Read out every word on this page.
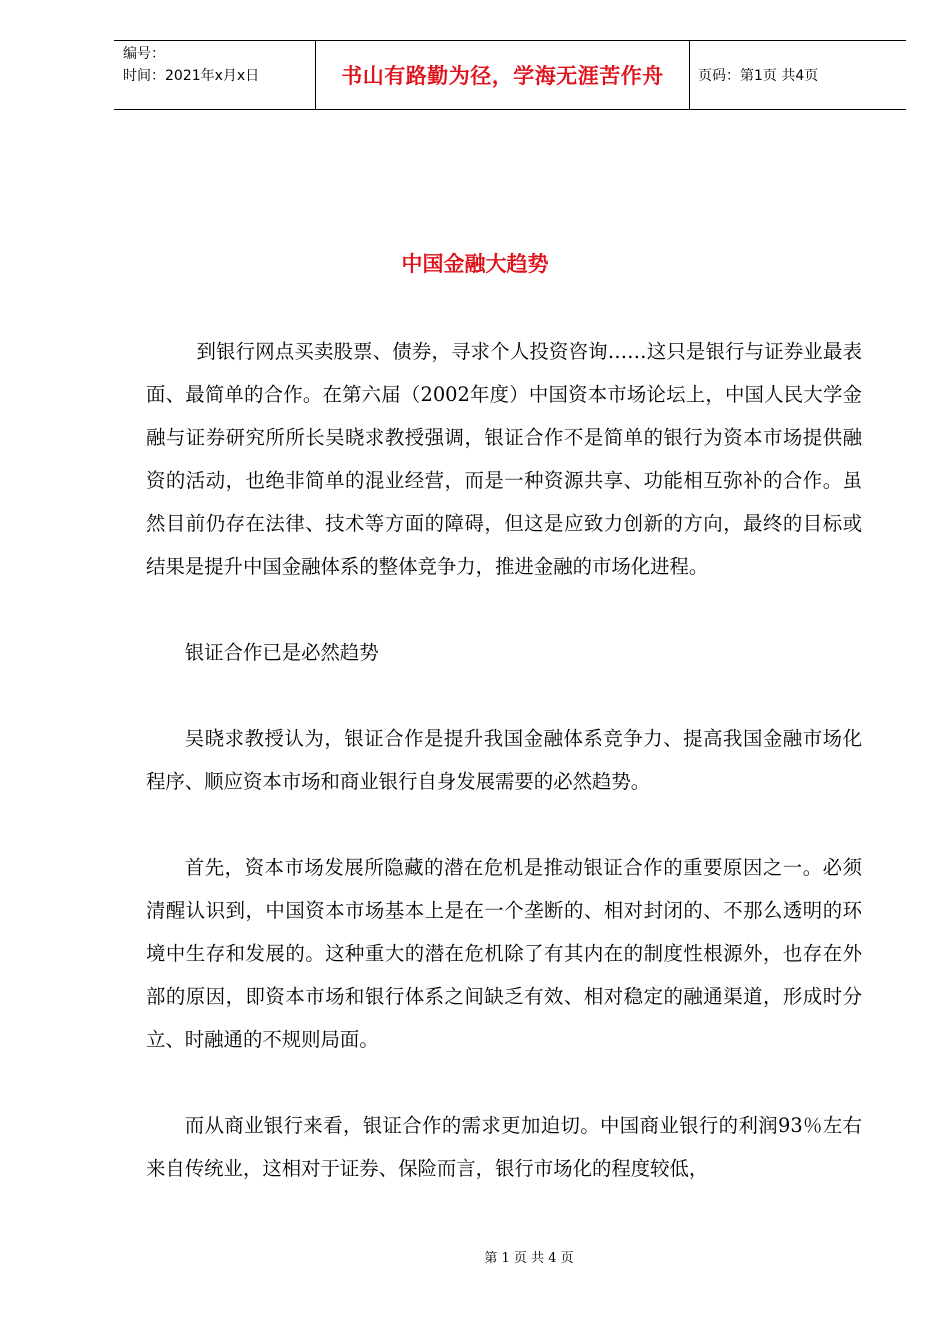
编号：
时间：2021年x月x日	书山有路勤为径，学海无涯苦作舟	页码：第1页 共4页
中国金融大趋势

到银行网点买卖股票、债券，寻求个人投资咨询……这只是银行与证券业最表面、最简单的合作。在第六届（2002年度）中国资本市场论坛上，中国人民大学金融与证券研究所所长吴晓求教授强调，银证合作不是简单的银行为资本市场提供融资的活动，也绝非简单的混业经营，而是一种资源共享、功能相互弥补的合作。虽然目前仍存在法律、技术等方面的障碍，但这是应致力创新的方向，最终的目标或结果是提升中国金融体系的整体竞争力，推进金融的市场化进程。

银证合作已是必然趋势

吴晓求教授认为，银证合作是提升我国金融体系竞争力、提高我国金融市场化程序、顺应资本市场和商业银行自身发展需要的必然趋势。

首先，资本市场发展所隐藏的潜在危机是推动银证合作的重要原因之一。必须清醒认识到，中国资本市场基本上是在一个垄断的、相对封闭的、不那么透明的环境中生存和发展的。这种重大的潜在危机除了有其内在的制度性根源外，也存在外部的原因，即资本市场和银行体系之间缺乏有效、相对稳定的融通渠道，形成时分立、时融通的不规则局面。

而从商业银行来看，银证合作的需求更加迫切。中国商业银行的利润93％左右来自传统业，这相对于证券、保险而言，银行市场化的程度较低，

第 1 页 共 4 页
